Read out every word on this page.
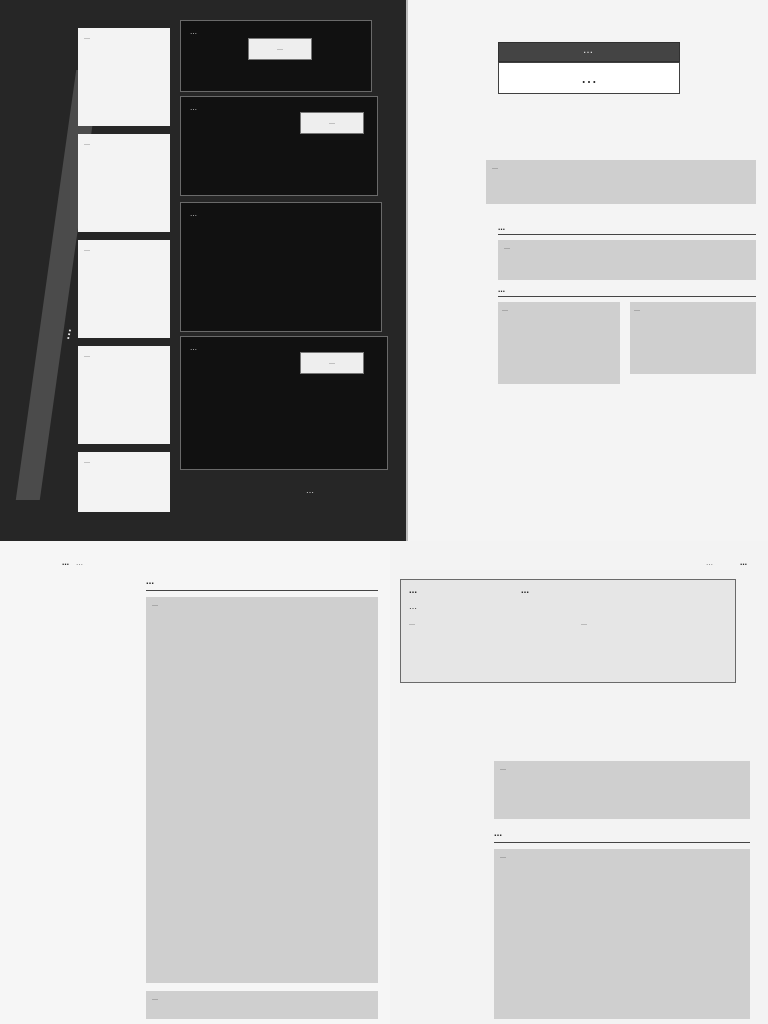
…
…
…
…
…
…
…
…
…
…
…
…
…
…
…
…
…
…
…
…
…	…
… …
…
…
…
…	…
…
…
…
…	…
…
…
…
